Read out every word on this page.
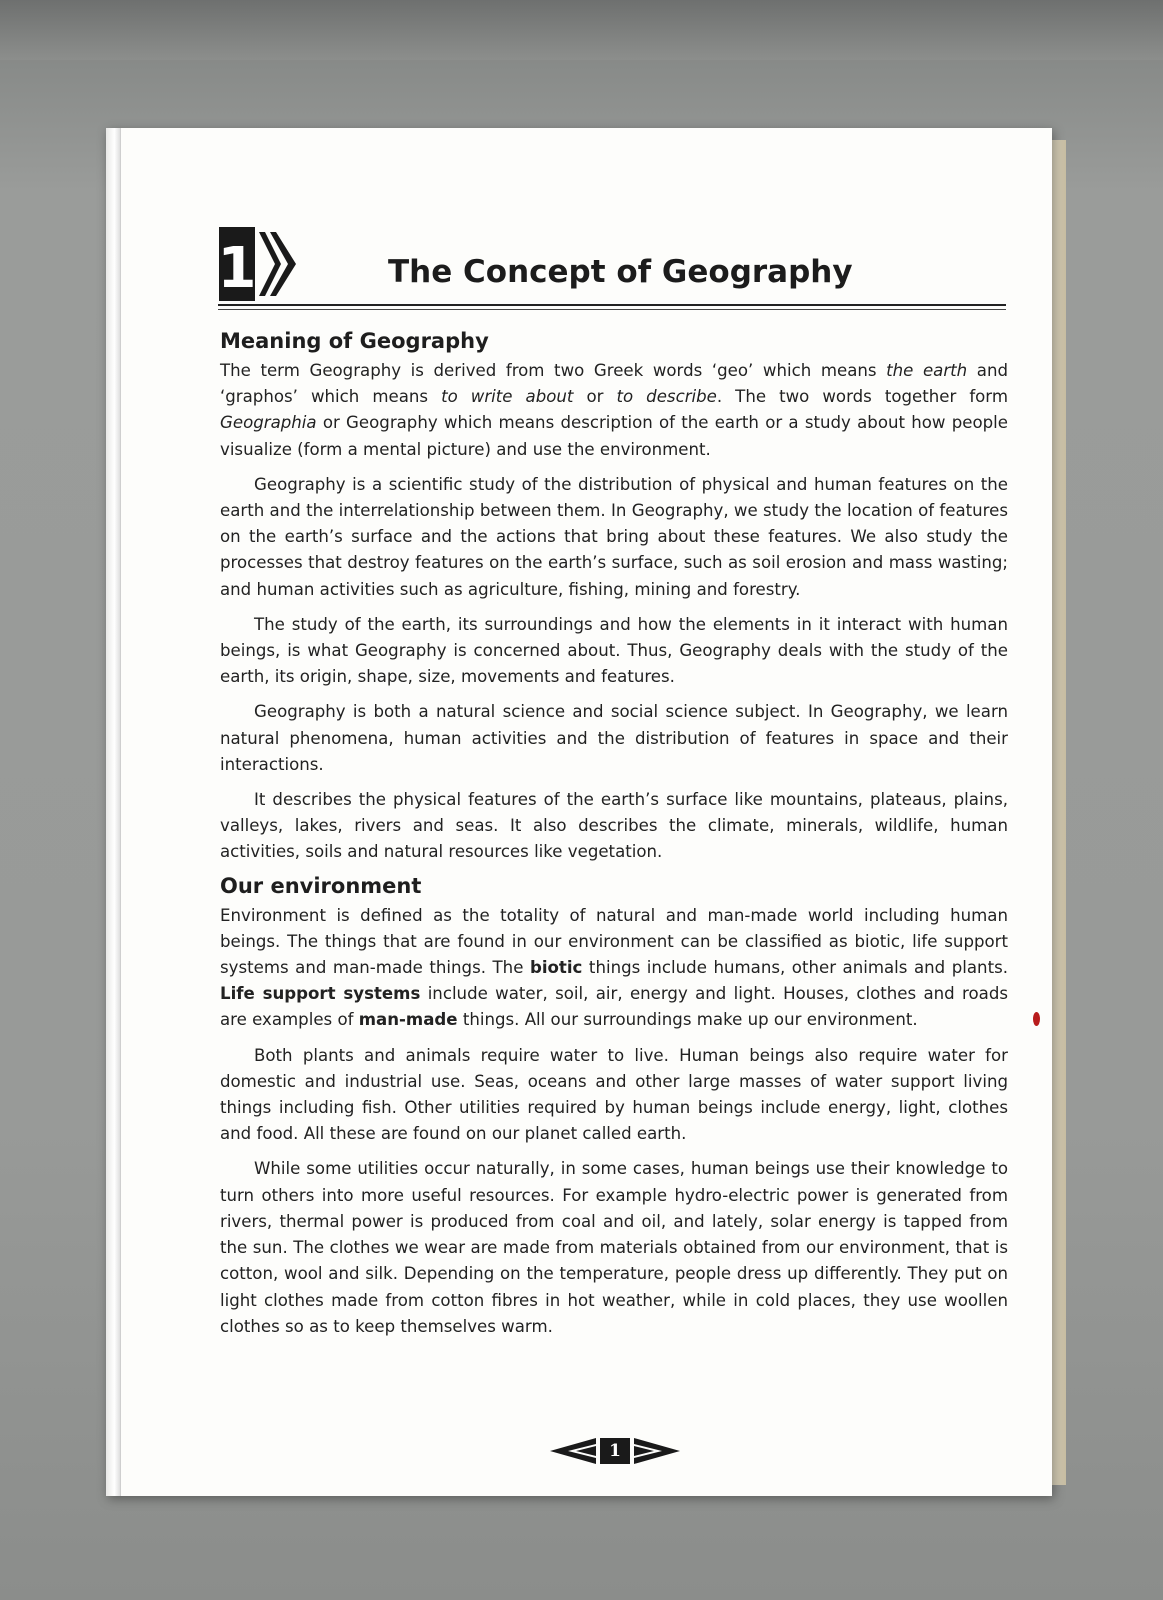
1	The Concept of Geography
Meaning of Geography

The term Geography is derived from two Greek words ‘geo’ which means the earth and ‘graphos’ which means to write about or to describe. The two words together form Geographia or Geography which means description of the earth or a study about how people visualize (form a mental picture) and use the environment.

Geography is a scientific study of the distribution of physical and human features on the earth and the interrelationship between them. In Geography, we study the location of features on the earth’s surface and the actions that bring about these features. We also study the processes that destroy features on the earth’s surface, such as soil erosion and mass wasting; and human activities such as agriculture, fishing, mining and forestry.

The study of the earth, its surroundings and how the elements in it interact with human beings, is what Geography is concerned about. Thus, Geography deals with the study of the earth, its origin, shape, size, movements and features.

Geography is both a natural science and social science subject. In Geography, we learn natural phenomena, human activities and the distribution of features in space and their interactions.

It describes the physical features of the earth’s surface like mountains, plateaus, plains, valleys, lakes, rivers and seas. It also describes the climate, minerals, wildlife, human activities, soils and natural resources like vegetation.

Our environment

Environment is defined as the totality of natural and man-made world including human beings. The things that are found in our environment can be classified as biotic, life support systems and man-made things. The biotic things include humans, other animals and plants. Life support systems include water, soil, air, energy and light. Houses, clothes and roads are examples of man-made things. All our surroundings make up our environment.

Both plants and animals require water to live. Human beings also require water for domestic and industrial use. Seas, oceans and other large masses of water support living things including fish. Other utilities required by human beings include energy, light, clothes and food. All these are found on our planet called earth.

While some utilities occur naturally, in some cases, human beings use their knowledge to turn others into more useful resources. For example hydro-electric power is generated from rivers, thermal power is produced from coal and oil, and lately, solar energy is tapped from the sun. The clothes we wear are made from materials obtained from our environment, that is cotton, wool and silk. Depending on the temperature, people dress up differently. They put on light clothes made from cotton fibres in hot weather, while in cold places, they use woollen clothes so as to keep themselves warm.

1
